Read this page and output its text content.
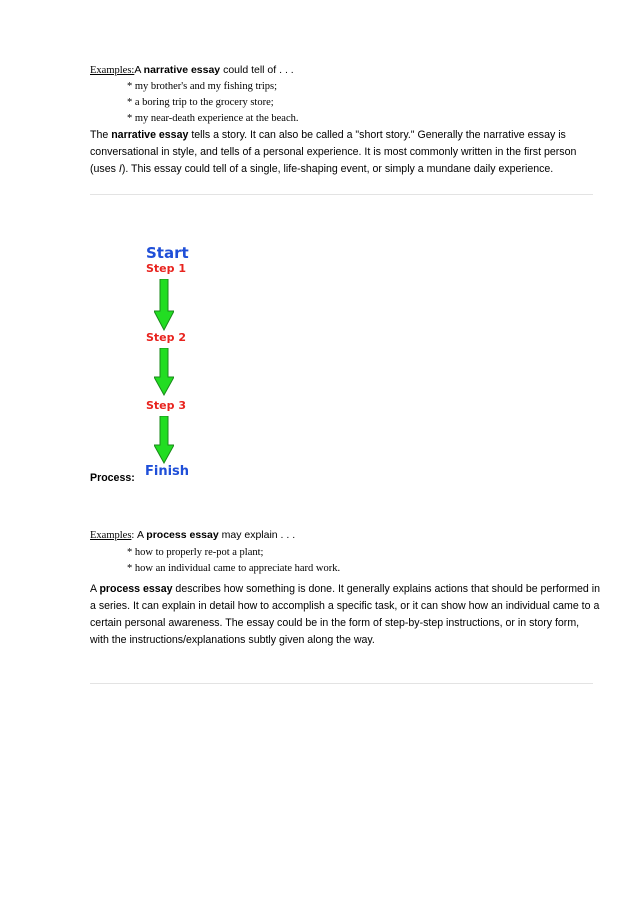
Examples:A narrative essay could tell of . . .
* my brother's and my fishing trips;
* a boring trip to the grocery store;
* my near-death experience at the beach.
The narrative essay tells a story. It can also be called a "short story." Generally the narrative essay is conversational in style, and tells of a personal experience. It is most commonly written in the first person (uses I). This essay could tell of a single, life-shaping event, or simply a mundane daily experience.
Start
Step 1
Step 2
Step 3
Finish
Process:
Examples: A process essay may explain . . .
* how to properly re-pot a plant;
* how an individual came to appreciate hard work.
A process essay describes how something is done. It generally explains actions that should be performed in a series. It can explain in detail how to accomplish a specific task, or it can show how an individual came to a certain personal awareness. The essay could be in the form of step-by-step instructions, or in story form, with the instructions/explanations subtly given along the way.
